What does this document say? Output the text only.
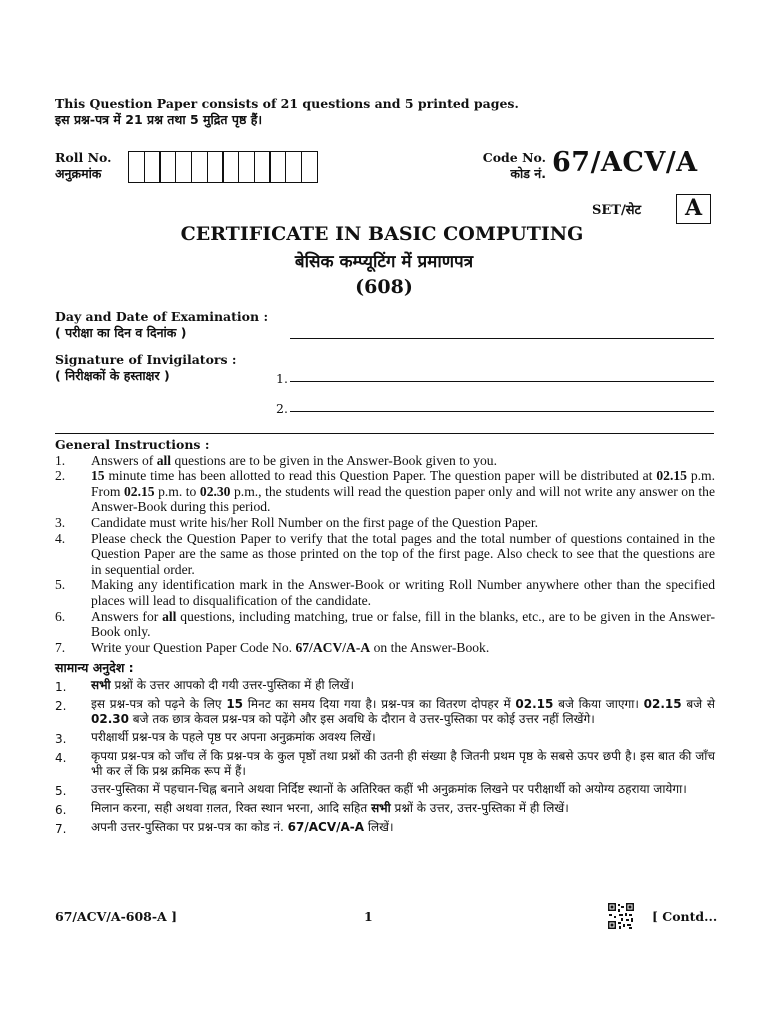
This Question Paper consists of 21 questions and 5 printed pages.
इस प्रश्न-पत्र में 21 प्रश्न तथा 5 मुद्रित पृष्ठ हैं।
Roll No.
अनुक्रमांक
Code No.
कोड नं. 67/ACV/A
SET/सेट	A
CERTIFICATE IN BASIC COMPUTING
बेसिक कम्प्यूटिंग में प्रमाणपत्र
(608)
Day and Date of Examination :
( परीक्षा का दिन व दिनांक )
Signature of Invigilators :
( निरीक्षकों के हस्ताक्षर )	1.
2.
General Instructions :
1.	Answers of all questions are to be given in the Answer-Book given to you.
2.	15 minute time has been allotted to read this Question Paper. The question paper will be distributed at 02.15 p.m. From 02.15 p.m. to 02.30 p.m., the students will read the question paper only and will not write any answer on the Answer-Book during this period.
3.	Candidate must write his/her Roll Number on the first page of the Question Paper.
4.	Please check the Question Paper to verify that the total pages and the total number of questions contained in the Question Paper are the same as those printed on the top of the first page. Also check to see that the questions are in sequential order.
5.	Making any identification mark in the Answer-Book or writing Roll Number anywhere other than the specified places will lead to disqualification of the candidate.
6.	Answers for all questions, including matching, true or false, fill in the blanks, etc., are to be given in the Answer-Book only.
7.	Write your Question Paper Code No. 67/ACV/A-A on the Answer-Book.
सामान्य अनुदेश :
1.	सभी प्रश्नों के उत्तर आपको दी गयी उत्तर-पुस्तिका में ही लिखें।
2.	इस प्रश्न-पत्र को पढ़ने के लिए 15 मिनट का समय दिया गया है। प्रश्न-पत्र का वितरण दोपहर में 02.15 बजे किया जाएगा। 02.15 बजे से 02.30 बजे तक छात्र केवल प्रश्न-पत्र को पढ़ेंगे और इस अवधि के दौरान वे उत्तर-पुस्तिका पर कोई उत्तर नहीं लिखेंगे।
3.	परीक्षार्थी प्रश्न-पत्र के पहले पृष्ठ पर अपना अनुक्रमांक अवश्य लिखें।
4.	कृपया प्रश्न-पत्र को जाँच लें कि प्रश्न-पत्र के कुल पृष्ठों तथा प्रश्नों की उतनी ही संख्या है जितनी प्रथम पृष्ठ के सबसे ऊपर छपी है। इस बात की जाँच भी कर लें कि प्रश्न क्रमिक रूप में हैं।
5.	उत्तर-पुस्तिका में पहचान-चिह्न बनाने अथवा निर्दिष्ट स्थानों के अतिरिक्त कहीं भी अनुक्रमांक लिखने पर परीक्षार्थी को अयोग्य ठहराया जायेगा।
6.	मिलान करना, सही अथवा ग़लत, रिक्त स्थान भरना, आदि सहित सभी प्रश्नों के उत्तर, उत्तर-पुस्तिका में ही लिखें।
7.	अपनी उत्तर-पुस्तिका पर प्रश्न-पत्र का कोड नं. 67/ACV/A-A लिखें।
67/ACV/A-608-A ]	1	[ Contd...
